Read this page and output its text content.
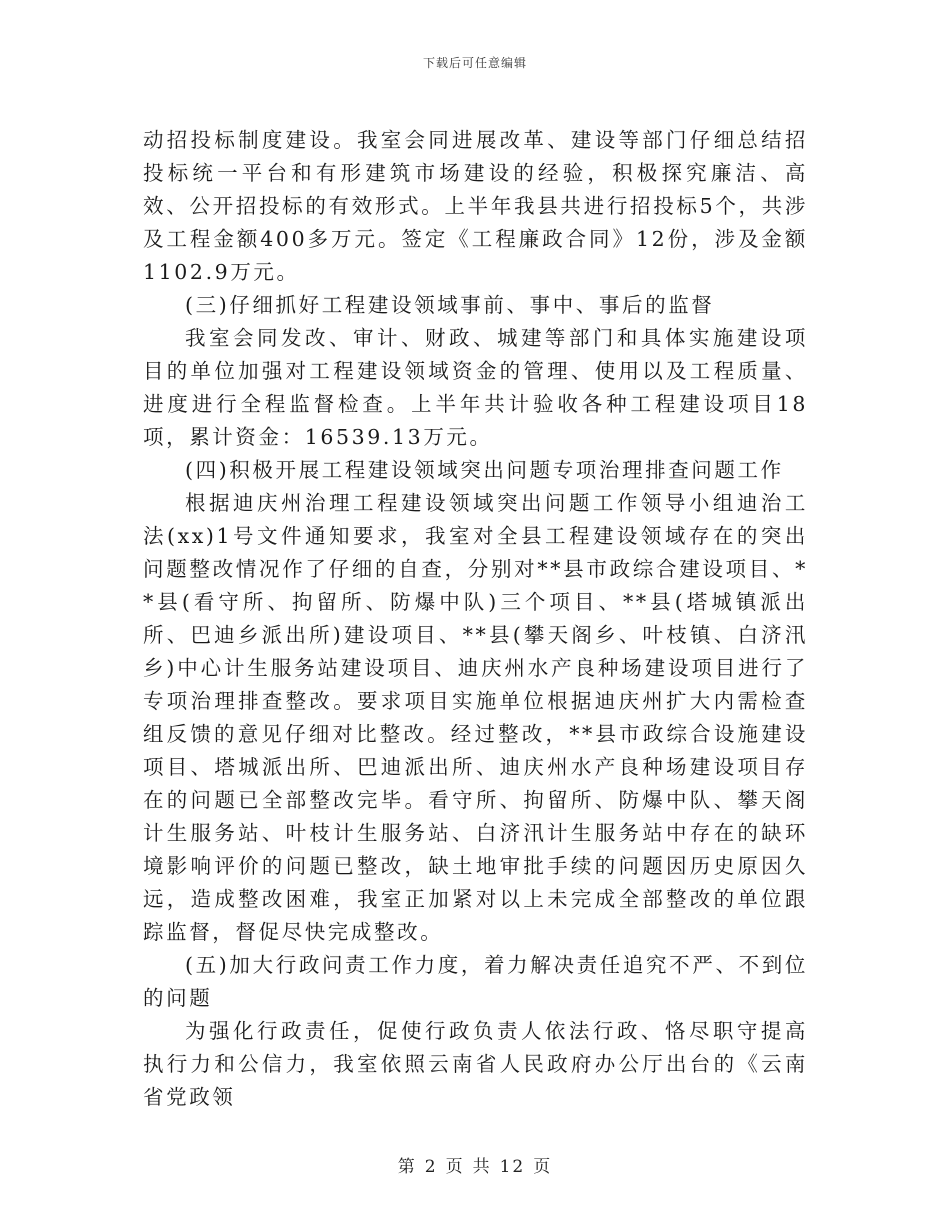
下载后可任意编辑

动招投标制度建设。我室会同进展改革、建设等部门仔细总结招投标统一平台和有形建筑市场建设的经验，积极探究廉洁、高效、公开招投标的有效形式。上半年我县共进行招投标5个，共涉及工程金额400多万元。签定《工程廉政合同》12份，涉及金额1102.9万元。

(三)仔细抓好工程建设领域事前、事中、事后的监督

我室会同发改、审计、财政、城建等部门和具体实施建设项目的单位加强对工程建设领域资金的管理、使用以及工程质量、进度进行全程监督检查。上半年共计验收各种工程建设项目18项，累计资金：16539.13万元。

(四)积极开展工程建设领域突出问题专项治理排查问题工作

根据迪庆州治理工程建设领域突出问题工作领导小组迪治工法(xx)1号文件通知要求，我室对全县工程建设领域存在的突出问题整改情况作了仔细的自查，分别对**县市政综合建设项目、**县(看守所、拘留所、防爆中队)三个项目、**县(塔城镇派出所、巴迪乡派出所)建设项目、**县(攀天阁乡、叶枝镇、白济汛乡)中心计生服务站建设项目、迪庆州水产良种场建设项目进行了专项治理排查整改。要求项目实施单位根据迪庆州扩大内需检查组反馈的意见仔细对比整改。经过整改，**县市政综合设施建设项目、塔城派出所、巴迪派出所、迪庆州水产良种场建设项目存在的问题已全部整改完毕。看守所、拘留所、防爆中队、攀天阁计生服务站、叶枝计生服务站、白济汛计生服务站中存在的缺环境影响评价的问题已整改，缺土地审批手续的问题因历史原因久远，造成整改困难，我室正加紧对以上未完成全部整改的单位跟踪监督，督促尽快完成整改。

(五)加大行政问责工作力度，着力解决责任追究不严、不到位的问题

为强化行政责任，促使行政负责人依法行政、恪尽职守提高执行力和公信力，我室依照云南省人民政府办公厅出台的《云南省党政领

第 2 页 共 12 页
